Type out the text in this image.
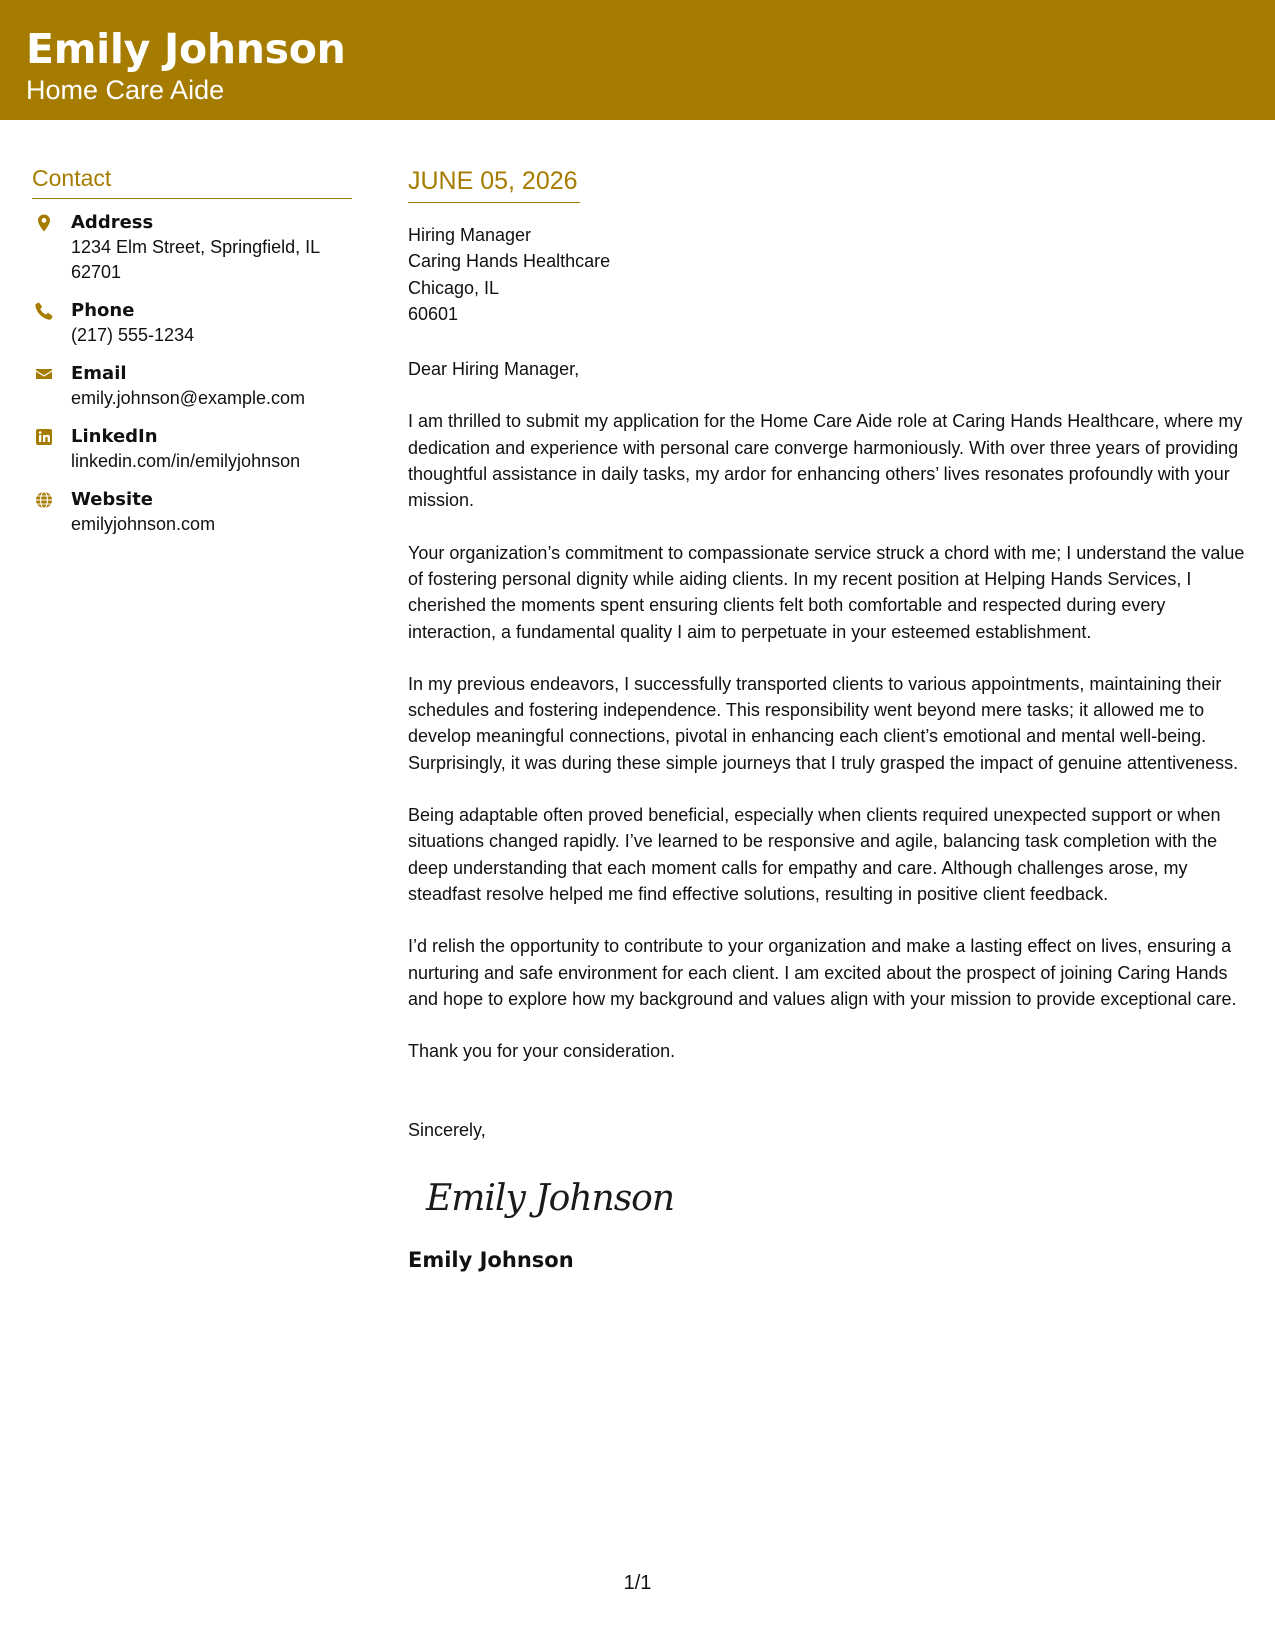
Emily Johnson
Home Care Aide
Contact
Address
1234 Elm Street, Springfield, IL 62701
Phone
(217) 555-1234
Email
emily.johnson@example.com
LinkedIn
linkedin.com/in/emilyjohnson
Website
emilyjohnson.com
JUNE 05, 2026
Hiring Manager
Caring Hands Healthcare
Chicago, IL
60601
Dear Hiring Manager,

I am thrilled to submit my application for the Home Care Aide role at Caring Hands Healthcare, where my dedication and experience with personal care converge harmoniously. With over three years of providing thoughtful assistance in daily tasks, my ardor for enhancing others’ lives resonates profoundly with your mission.

Your organization’s commitment to compassionate service struck a chord with me; I understand the value of fostering personal dignity while aiding clients. In my recent position at Helping Hands Services, I cherished the moments spent ensuring clients felt both comfortable and respected during every interaction, a fundamental quality I aim to perpetuate in your esteemed establishment.

In my previous endeavors, I successfully transported clients to various appointments, maintaining their schedules and fostering independence. This responsibility went beyond mere tasks; it allowed me to develop meaningful connections, pivotal in enhancing each client’s emotional and mental well-being. Surprisingly, it was during these simple journeys that I truly grasped the impact of genuine attentiveness.

Being adaptable often proved beneficial, especially when clients required unexpected support or when situations changed rapidly. I’ve learned to be responsive and agile, balancing task completion with the deep understanding that each moment calls for empathy and care. Although challenges arose, my steadfast resolve helped me find effective solutions, resulting in positive client feedback.

I’d relish the opportunity to contribute to your organization and make a lasting effect on lives, ensuring a nurturing and safe environment for each client. I am excited about the prospect of joining Caring Hands and hope to explore how my background and values align with your mission to provide exceptional care.

Thank you for your consideration.
Sincerely,
Emily Johnson
Emily Johnson
1/1
